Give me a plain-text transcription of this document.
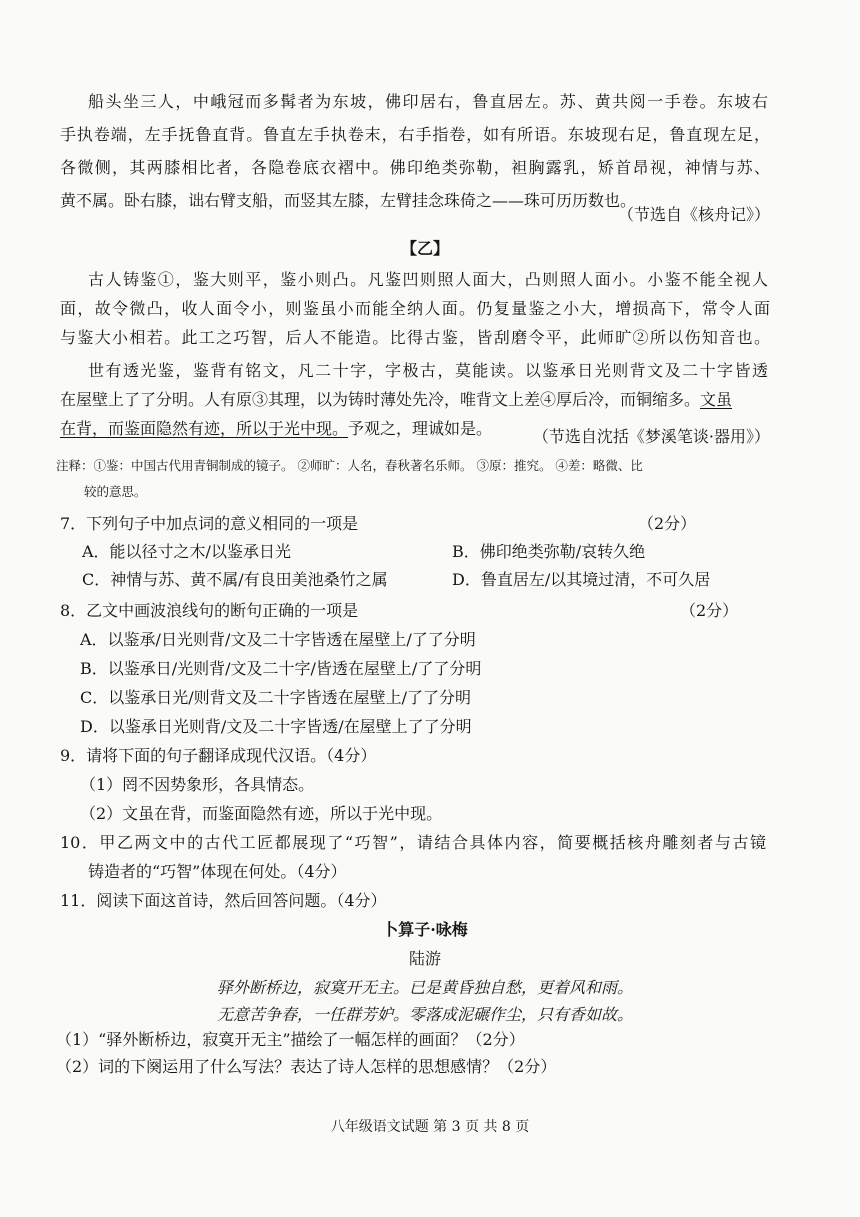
船头坐三人，中峨冠而多髯者为东坡，佛印居右，鲁直居左。苏、黄共阅一手卷。东坡右
手执卷端，左手抚鲁直背。鲁直左手执卷末，右手指卷，如有所语。东坡现右足，鲁直现左足，
各微侧，其两膝相比者，各隐卷底衣褶中。佛印绝类弥勒，袒胸露乳，矫首昂视，神情与苏、
黄不属。卧右膝，诎右臂支船，而竖其左膝，左臂挂念珠倚之——珠可历历数也。
（节选自《核舟记》）
【乙】
古人铸鉴①，鉴大则平，鉴小则凸。凡鉴凹则照人面大，凸则照人面小。小鉴不能全视人
面，故令微凸，收人面令小，则鉴虽小而能全纳人面。仍复量鉴之小大，增损高下，常令人面
与鉴大小相若。此工之巧智，后人不能造。比得古鉴，皆刮磨令平，此师旷②所以伤知音也。
世有透光鉴，鉴背有铭文，凡二十字，字极古，莫能读。以鉴承日光则背文及二十字皆透
在屋壁上了了分明。人有原③其理，以为铸时薄处先冷，唯背文上差④厚后冷，而铜缩多。文虽
在背，而鉴面隐然有迹，所以于光中现。予观之，理诚如是。	（节选自沈括《梦溪笔谈·器用》）
注释：①鉴：中国古代用青铜制成的镜子。 ②师旷：人名，春秋著名乐师。 ③原：推究。 ④差：略微、比
较的意思。
7．下列句子中加点词的意义相同的一项是	（2分）
A．能以径寸之木/以鉴承日光	B．佛印绝类弥勒/哀转久绝
C．神情与苏、黄不属/有良田美池桑竹之属	D．鲁直居左/以其境过清，不可久居
8．乙文中画波浪线句的断句正确的一项是	（2分）
A．以鉴承/日光则背/文及二十字皆透在屋壁上/了了分明
B．以鉴承日/光则背/文及二十字/皆透在屋壁上/了了分明
C．以鉴承日光/则背文及二十字皆透在屋壁上/了了分明
D．以鉴承日光则背/文及二十字皆透/在屋壁上了了分明
9．请将下面的句子翻译成现代汉语。（4分）
（1）罔不因势象形，各具情态。
（2）文虽在背，而鉴面隐然有迹，所以于光中现。
10．甲乙两文中的古代工匠都展现了“巧智”，请结合具体内容，简要概括核舟雕刻者与古镜
铸造者的“巧智”体现在何处。（4分）
11．阅读下面这首诗，然后回答问题。（4分）
卜算子·咏梅
陆游
驿外断桥边，寂寞开无主。已是黄昏独自愁，更着风和雨。
无意苦争春，一任群芳妒。零落成泥碾作尘，只有香如故。
（1）“驿外断桥边，寂寞开无主”描绘了一幅怎样的画面？（2分）
（2）词的下阕运用了什么写法？表达了诗人怎样的思想感情？（2分）
八年级语文试题 第 3 页 共 8 页
